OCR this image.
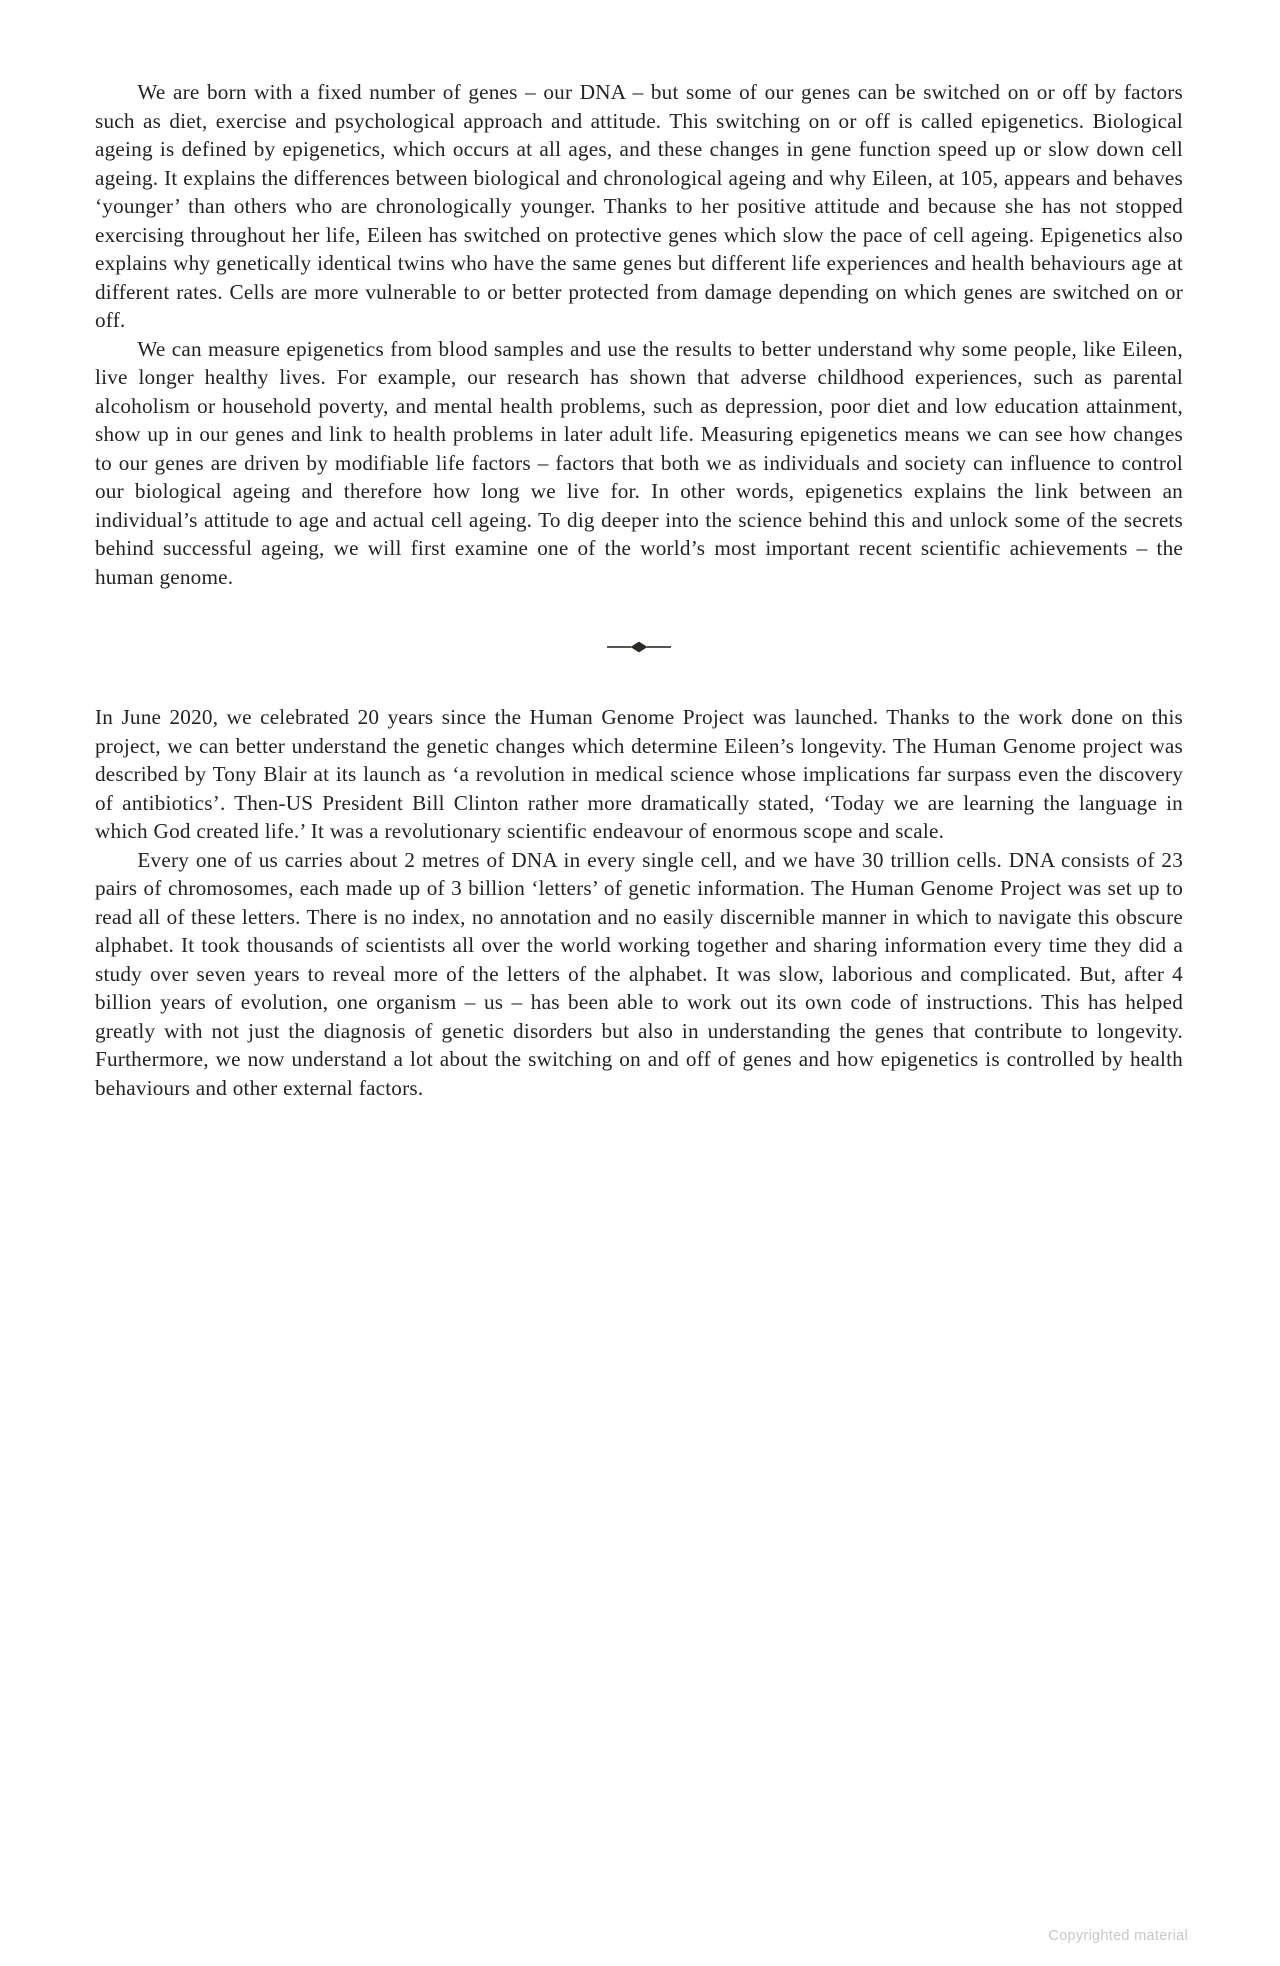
We are born with a fixed number of genes – our DNA – but some of our genes can be switched on or off by factors such as diet, exercise and psychological approach and attitude. This switching on or off is called epigenetics. Biological ageing is defined by epigenetics, which occurs at all ages, and these changes in gene function speed up or slow down cell ageing. It explains the differences between biological and chronological ageing and why Eileen, at 105, appears and behaves ‘younger’ than others who are chronologically younger. Thanks to her positive attitude and because she has not stopped exercising throughout her life, Eileen has switched on protective genes which slow the pace of cell ageing. Epigenetics also explains why genetically identical twins who have the same genes but different life experiences and health behaviours age at different rates. Cells are more vulnerable to or better protected from damage depending on which genes are switched on or off.

We can measure epigenetics from blood samples and use the results to better understand why some people, like Eileen, live longer healthy lives. For example, our research has shown that adverse childhood experiences, such as parental alcoholism or household poverty, and mental health problems, such as depression, poor diet and low education attainment, show up in our genes and link to health problems in later adult life. Measuring epigenetics means we can see how changes to our genes are driven by modifiable life factors – factors that both we as individuals and society can influence to control our biological ageing and therefore how long we live for. In other words, epigenetics explains the link between an individual’s attitude to age and actual cell ageing. To dig deeper into the science behind this and unlock some of the secrets behind successful ageing, we will first examine one of the world’s most important recent scientific achievements – the human genome.

In June 2020, we celebrated 20 years since the Human Genome Project was launched. Thanks to the work done on this project, we can better understand the genetic changes which determine Eileen’s longevity. The Human Genome project was described by Tony Blair at its launch as ‘a revolution in medical science whose implications far surpass even the discovery of antibiotics’. Then-US President Bill Clinton rather more dramatically stated, ‘Today we are learning the language in which God created life.’ It was a revolutionary scientific endeavour of enormous scope and scale.

Every one of us carries about 2 metres of DNA in every single cell, and we have 30 trillion cells. DNA consists of 23 pairs of chromosomes, each made up of 3 billion ‘letters’ of genetic information. The Human Genome Project was set up to read all of these letters. There is no index, no annotation and no easily discernible manner in which to navigate this obscure alphabet. It took thousands of scientists all over the world working together and sharing information every time they did a study over seven years to reveal more of the letters of the alphabet. It was slow, laborious and complicated. But, after 4 billion years of evolution, one organism – us – has been able to work out its own code of instructions. This has helped greatly with not just the diagnosis of genetic disorders but also in understanding the genes that contribute to longevity. Furthermore, we now understand a lot about the switching on and off of genes and how epigenetics is controlled by health behaviours and other external factors.

Copyrighted material
